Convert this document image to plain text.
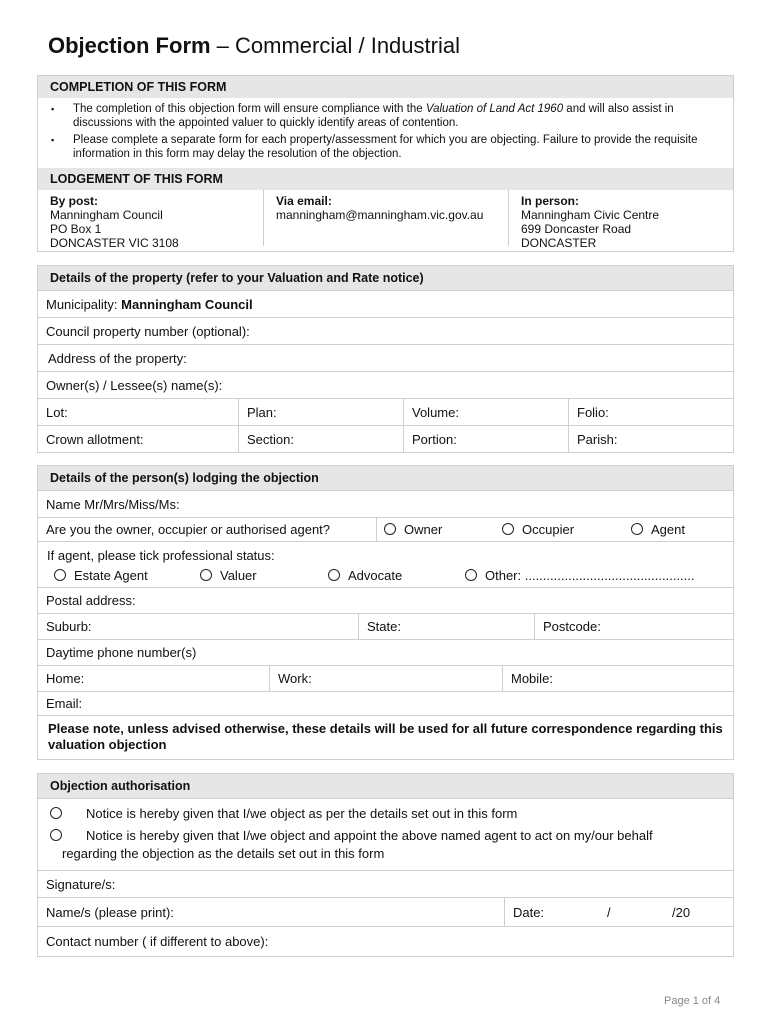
Objection Form – Commercial / Industrial
COMPLETION OF THIS FORM
▪ The completion of this objection form will ensure compliance with the Valuation of Land Act 1960 and will also assist in discussions with the appointed valuer to quickly identify areas of contention.
▪ Please complete a separate form for each property/assessment for which you are objecting. Failure to provide the requisite information in this form may delay the resolution of the objection.
LODGEMENT OF THIS FORM
By post:
Manningham Council
PO Box 1
DONCASTER VIC 3108
Via email:
manningham@manningham.vic.gov.au
In person:
Manningham Civic Centre
699 Doncaster Road
DONCASTER
Details of the property (refer to your Valuation and Rate notice)
Municipality:
Manningham Council
Council property number (optional):
Address of the property:
Owner(s) / Lessee(s) name(s):
Lot:	Plan:	Volume:	Folio:
Crown allotment:	Section:	Portion:	Parish:
Details of the person(s) lodging the objection
Name Mr/Mrs/Miss/Ms:
Are you the owner, occupier or authorised agent?	Owner	Occupier	Agent
If agent, please tick professional status:
Estate Agent	Valuer	Advocate	Other: ...............................................
Postal address:
Suburb:	State:	Postcode:
Daytime phone number(s)
Home:	Work:	Mobile:
Email:
Please note, unless advised otherwise, these details will be used for all future correspondence regarding this valuation objection
Objection authorisation
Notice is hereby given that I/we object as per the details set out in this form
Notice is hereby given that I/we object and appoint the above named agent to act on my/our behalf
regarding the objection as the details set out in this form
Signature/s:
Name/s (please print):	Date:	/	/20
Contact number ( if different to above):
Page 1 of 4
